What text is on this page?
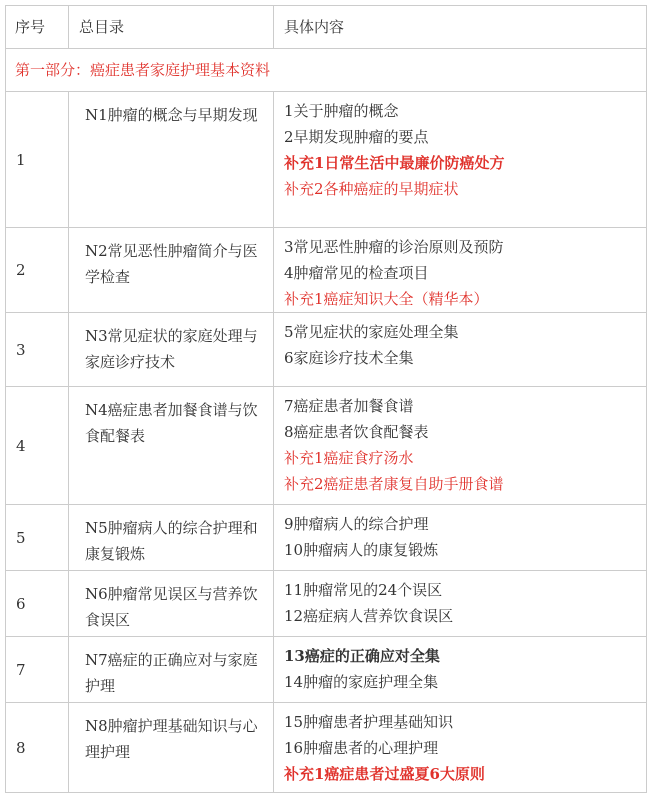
序号	总目录	具体内容
第一部分：癌症患者家庭护理基本资料		
1	N1肿瘤的概念与早期发现	1关于肿瘤的概念
2早期发现肿瘤的要点
补充1日常生活中最廉价防癌处方
补充2各种癌症的早期症状

2	N2常见恶性肿瘤简介与医学检查	3常见恶性肿瘤的诊治原则及预防
4肿瘤常见的检查项目
补充1癌症知识大全（精华本）

3	N3常见症状的家庭处理与家庭诊疗技术	5常见症状的家庭处理全集
6家庭诊疗技术全集

4	N4癌症患者加餐食谱与饮食配餐表	7癌症患者加餐食谱
8癌症患者饮食配餐表
补充1癌症食疗汤水
补充2癌症患者康复自助手册食谱

5	N5肿瘤病人的综合护理和康复锻炼	9肿瘤病人的综合护理
10肿瘤病人的康复锻炼

6	N6肿瘤常见误区与营养饮食误区	11肿瘤常见的24个误区
12癌症病人营养饮食误区

7	N7癌症的正确应对与家庭护理	13癌症的正确应对全集
14肿瘤的家庭护理全集

8	N8肿瘤护理基础知识与心理护理	15肿瘤患者护理基础知识
16肿瘤患者的心理护理
补充1癌症患者过盛夏6大原则
